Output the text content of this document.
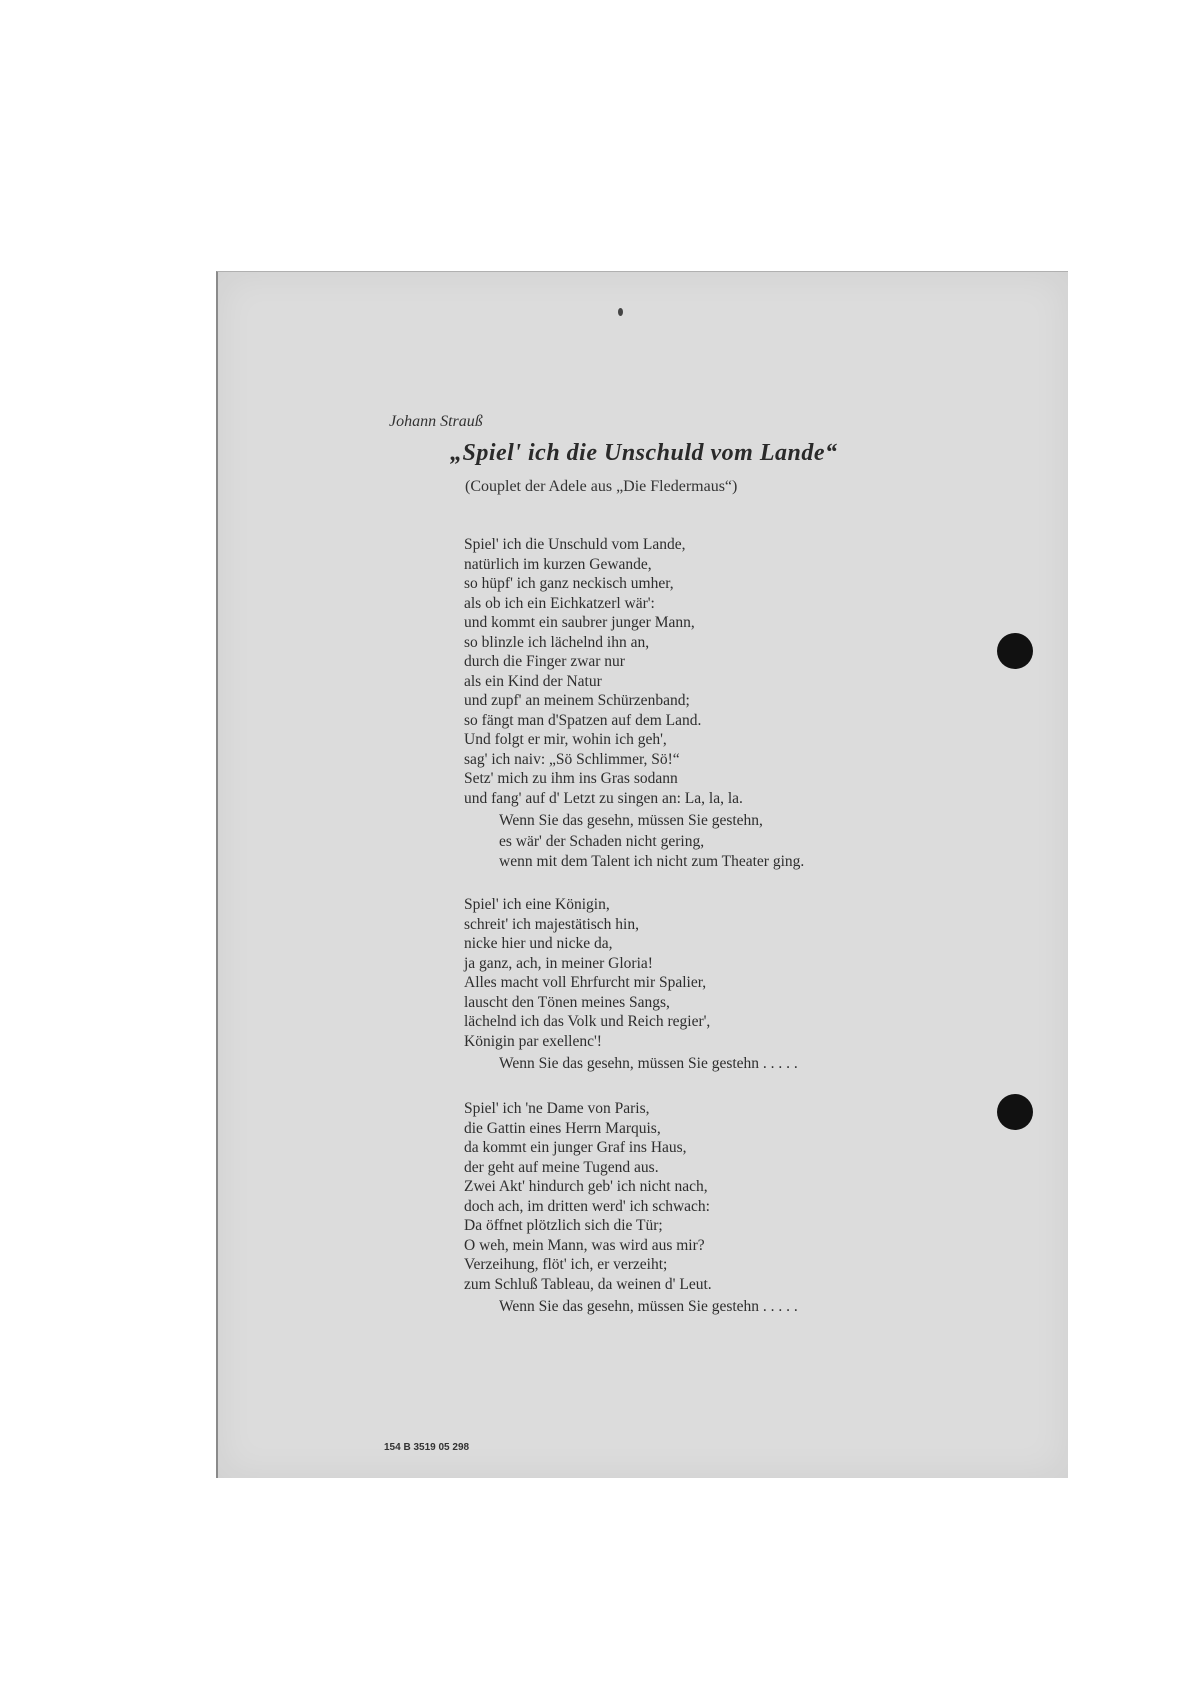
Johann Strauß
„Spiel' ich die Unschuld vom Lande“
(Couplet der Adele aus „Die Fledermaus“)
Spiel' ich die Unschuld vom Lande,
natürlich im kurzen Gewande,
so hüpf' ich ganz neckisch umher,
als ob ich ein Eichkatzerl wär':
und kommt ein saubrer junger Mann,
so blinzle ich lächelnd ihn an,
durch die Finger zwar nur
als ein Kind der Natur
und zupf' an meinem Schürzenband;
so fängt man d'Spatzen auf dem Land.
Und folgt er mir, wohin ich geh',
sag' ich naiv: „Sö Schlimmer, Sö!“
Setz' mich zu ihm ins Gras sodann
und fang' auf d' Letzt zu singen an: La, la, la.
Wenn Sie das gesehn, müssen Sie gestehn,
es wär' der Schaden nicht gering,
wenn mit dem Talent ich nicht zum Theater ging.
Spiel' ich eine Königin,
schreit' ich majestätisch hin,
nicke hier und nicke da,
ja ganz, ach, in meiner Gloria!
Alles macht voll Ehrfurcht mir Spalier,
lauscht den Tönen meines Sangs,
lächelnd ich das Volk und Reich regier',
Königin par exellenc'!
Wenn Sie das gesehn, müssen Sie gestehn . . . . .
Spiel' ich 'ne Dame von Paris,
die Gattin eines Herrn Marquis,
da kommt ein junger Graf ins Haus,
der geht auf meine Tugend aus.
Zwei Akt' hindurch geb' ich nicht nach,
doch ach, im dritten werd' ich schwach:
Da öffnet plötzlich sich die Tür;
O weh, mein Mann, was wird aus mir?
Verzeihung, flöt' ich, er verzeiht;
zum Schluß Tableau, da weinen d' Leut.
Wenn Sie das gesehn, müssen Sie gestehn . . . . .
154 B 3519 05 298
